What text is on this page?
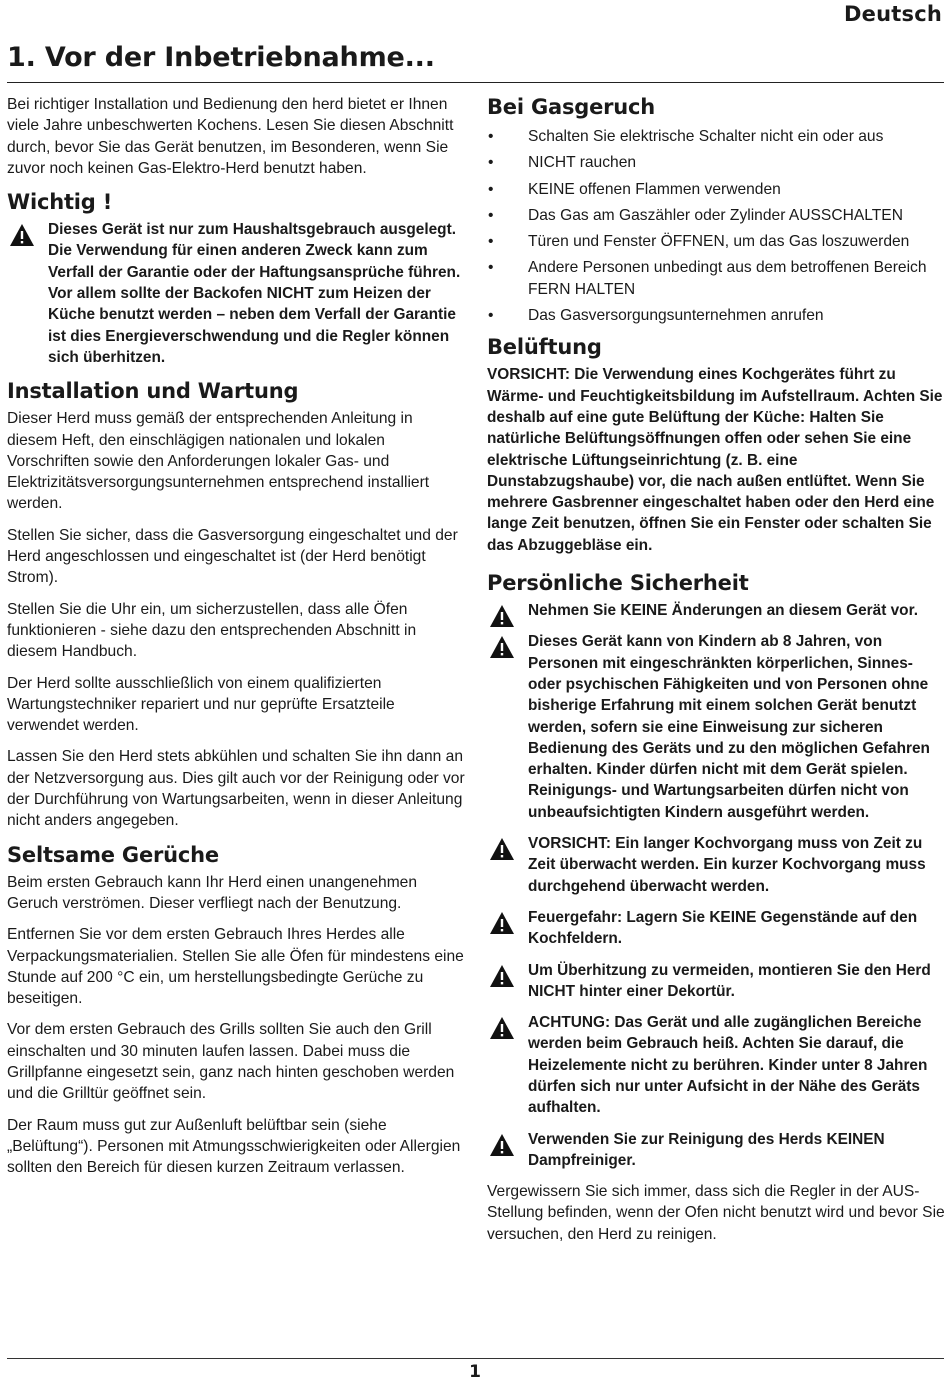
Deutsch
1. Vor der Inbetriebnahme...

Bei richtiger Installation und Bedienung den herd bietet er Ihnen viele Jahre unbeschwerten Kochens. Lesen Sie diesen Abschnitt durch, bevor Sie das Gerät benutzen, im Besonderen, wenn Sie zuvor noch keinen Gas-Elektro-Herd benutzt haben.

Wichtig !

Dieses Gerät ist nur zum Haushaltsgebrauch ausgelegt. Die Verwendung für einen anderen Zweck kann zum Verfall der Garantie oder der Haftungsansprüche führen. Vor allem sollte der Backofen NICHT zum Heizen der Küche benutzt werden – neben dem Verfall der Garantie ist dies Energieverschwendung und die Regler können sich überhitzen.

Installation und Wartung

Dieser Herd muss gemäß der entsprechenden Anleitung in diesem Heft, den einschlägigen nationalen und lokalen Vorschriften sowie den Anforderungen lokaler Gas- und Elektrizitätsversorgungsunternehmen entsprechend installiert werden.

Stellen Sie sicher, dass die Gasversorgung eingeschaltet und der Herd angeschlossen und eingeschaltet ist (der Herd benötigt Strom).

Stellen Sie die Uhr ein, um sicherzustellen, dass alle Öfen funktionieren - siehe dazu den entsprechenden Abschnitt in diesem Handbuch.

Der Herd sollte ausschließlich von einem qualifizierten Wartungstechniker repariert und nur geprüfte Ersatzteile verwendet werden.

Lassen Sie den Herd stets abkühlen und schalten Sie ihn dann an der Netzversorgung aus. Dies gilt auch vor der Reinigung oder vor der Durchführung von Wartungsarbeiten, wenn in dieser Anleitung nicht anders angegeben.

Seltsame Gerüche

Beim ersten Gebrauch kann Ihr Herd einen unangenehmen Geruch verströmen. Dieser verfliegt nach der Benutzung.

Entfernen Sie vor dem ersten Gebrauch Ihres Herdes alle Verpackungsmaterialien. Stellen Sie alle Öfen für mindestens eine Stunde auf 200 °C ein, um herstellungsbedingte Gerüche zu beseitigen.

Vor dem ersten Gebrauch des Grills sollten Sie auch den Grill einschalten und 30 minuten laufen lassen. Dabei muss die Grillpfanne eingesetzt sein, ganz nach hinten geschoben werden und die Grilltür geöffnet sein.

Der Raum muss gut zur Außenluft belüftbar sein (siehe „Belüftung“). Personen mit Atmungsschwierigkeiten oder Allergien sollten den Bereich für diesen kurzen Zeitraum verlassen.

Bei Gasgeruch
• Schalten Sie elektrische Schalter nicht ein oder aus
• NICHT rauchen
• KEINE offenen Flammen verwenden
• Das Gas am Gaszähler oder Zylinder AUSSCHALTEN
• Türen und Fenster ÖFFNEN, um das Gas loszuwerden
• Andere Personen unbedingt aus dem betroffenen Bereich FERN HALTEN
• Das Gasversorgungsunternehmen anrufen
Belüftung

VORSICHT: Die Verwendung eines Kochgerätes führt zu Wärme- und Feuchtigkeitsbildung im Aufstellraum. Achten Sie deshalb auf eine gute Belüftung der Küche: Halten Sie natürliche Belüftungsöffnungen offen oder sehen Sie eine elektrische Lüftungseinrichtung (z. B. eine Dunstabzugshaube) vor, die nach außen entlüftet. Wenn Sie mehrere Gasbrenner eingeschaltet haben oder den Herd eine lange Zeit benutzen, öffnen Sie ein Fenster oder schalten Sie das Abzuggebläse ein.

Persönliche Sicherheit

Nehmen Sie KEINE Änderungen an diesem Gerät vor.

Dieses Gerät kann von Kindern ab 8 Jahren, von Personen mit eingeschränkten körperlichen, Sinnes- oder psychischen Fähigkeiten und von Personen ohne bisherige Erfahrung mit einem solchen Gerät benutzt werden, sofern sie eine Einweisung zur sicheren Bedienung des Geräts und zu den möglichen Gefahren erhalten. Kinder dürfen nicht mit dem Gerät spielen. Reinigungs- und Wartungsarbeiten dürfen nicht von unbeaufsichtigten Kindern ausgeführt werden.

VORSICHT: Ein langer Kochvorgang muss von Zeit zu Zeit überwacht werden. Ein kurzer Kochvorgang muss durchgehend überwacht werden.

Feuergefahr: Lagern Sie KEINE Gegenstände auf den Kochfeldern.

Um Überhitzung zu vermeiden, montieren Sie den Herd NICHT hinter einer Dekortür.

ACHTUNG: Das Gerät und alle zugänglichen Bereiche werden beim Gebrauch heiß. Achten Sie darauf, die Heizelemente nicht zu berühren. Kinder unter 8 Jahren dürfen sich nur unter Aufsicht in der Nähe des Geräts aufhalten.

Verwenden Sie zur Reinigung des Herds KEINEN Dampfreiniger.

Vergewissern Sie sich immer, dass sich die Regler in der AUS-Stellung befinden, wenn der Ofen nicht benutzt wird und bevor Sie versuchen, den Herd zu reinigen.

1
